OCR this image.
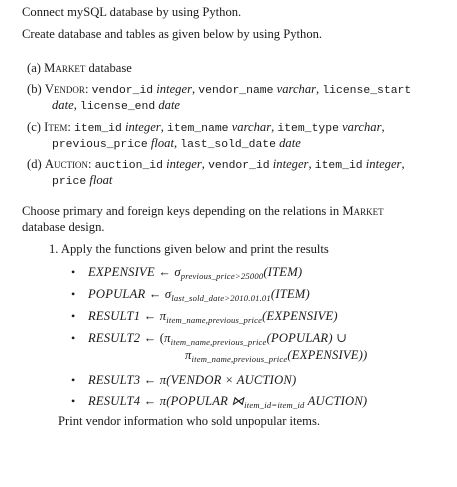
Connect mySQL database by using Python.
Create database and tables as given below by using Python.
(a) Market database
(b) Vendor: vendor_id integer, vendor_name varchar, license_start
date, license_end date
(c) Item: item_id integer, item_name varchar, item_type varchar,
previous_price float, last_sold_date date
(d) Auction: auction_id integer, vendor_id integer, item_id integer,
price float
Choose primary and foreign keys depending on the relations in Market
database design.
1. Apply the functions given below and print the results
• EXPENSIVE ← $\sigma_{previous\_price>25000}(ITEM)$
• POPULAR ← $\sigma_{last\_sold\_date>2010.01.01}(ITEM)$
• RESULT1 ← $\pi_{item\_name,previous\_price}(EXPENSIVE)$
• RESULT2 ← ($\pi_{item\_name,previous\_price}(POPULAR)$ ∪
$\pi_{item\_name,previous\_price}(EXPENSIVE)$)
• RESULT3 ← π(VENDOR × AUCTION)
• RESULT4 ← π(POPULAR $⋈_{item\_id=item\_id}$ AUCTION)
Print vendor information who sold unpopular items.
